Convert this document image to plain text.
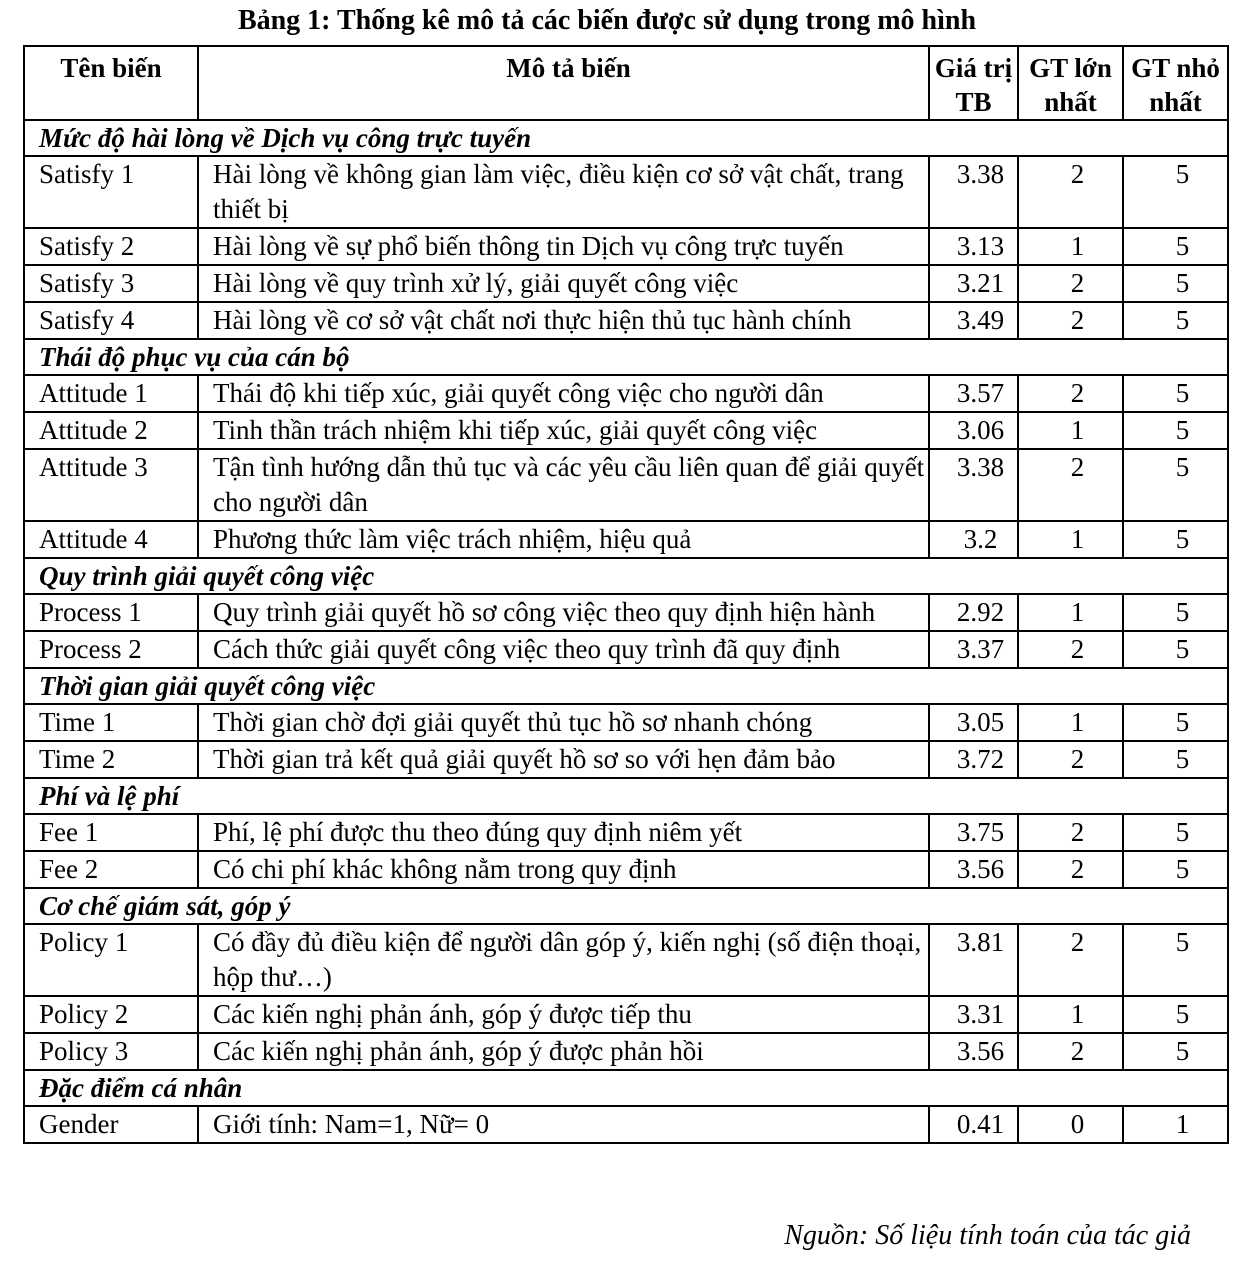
Bảng 1: Thống kê mô tả các biến được sử dụng trong mô hình
Tên biến	Mô tả biến	Giá trị TB	GT lớn nhất	GT nhỏ nhất
Mức độ hài lòng về Dịch vụ công trực tuyến				
Satisfy 1	Hài lòng về không gian làm việc, điều kiện cơ sở vật chất, trang thiết bị	3.38	2	5
Satisfy 2	Hài lòng về sự phổ biến thông tin Dịch vụ công trực tuyến	3.13	1	5
Satisfy 3	Hài lòng về quy trình xử lý, giải quyết công việc	3.21	2	5
Satisfy 4	Hài lòng về cơ sở vật chất nơi thực hiện thủ tục hành chính	3.49	2	5
Thái độ phục vụ của cán bộ				
Attitude 1	Thái độ khi tiếp xúc, giải quyết công việc cho người dân	3.57	2	5
Attitude 2	Tinh thần trách nhiệm khi tiếp xúc, giải quyết công việc	3.06	1	5
Attitude 3	Tận tình hướng dẫn thủ tục và các yêu cầu liên quan để giải quyết cho người dân	3.38	2	5
Attitude 4	Phương thức làm việc trách nhiệm, hiệu quả	3.2	1	5
Quy trình giải quyết công việc				
Process 1	Quy trình giải quyết hồ sơ công việc theo quy định hiện hành	2.92	1	5
Process 2	Cách thức giải quyết công việc theo quy trình đã quy định	3.37	2	5
Thời gian giải quyết công việc				
Time 1	Thời gian chờ đợi giải quyết thủ tục hồ sơ nhanh chóng	3.05	1	5
Time 2	Thời gian trả kết quả giải quyết hồ sơ so với hẹn đảm bảo	3.72	2	5
Phí và lệ phí				
Fee 1	Phí, lệ phí được thu theo đúng quy định niêm yết	3.75	2	5
Fee 2	Có chi phí khác không nằm trong quy định	3.56	2	5
Cơ chế giám sát, góp ý				
Policy 1	Có đầy đủ điều kiện để người dân góp ý, kiến nghị (số điện thoại, hộp thư…)	3.81	2	5
Policy 2	Các kiến nghị phản ánh, góp ý được tiếp thu	3.31	1	5
Policy 3	Các kiến nghị phản ánh, góp ý được phản hồi	3.56	2	5
Đặc điểm cá nhân				
Gender	Giới tính: Nam=1, Nữ= 0	0.41	0	1
Nguồn: Số liệu tính toán của tác giả
